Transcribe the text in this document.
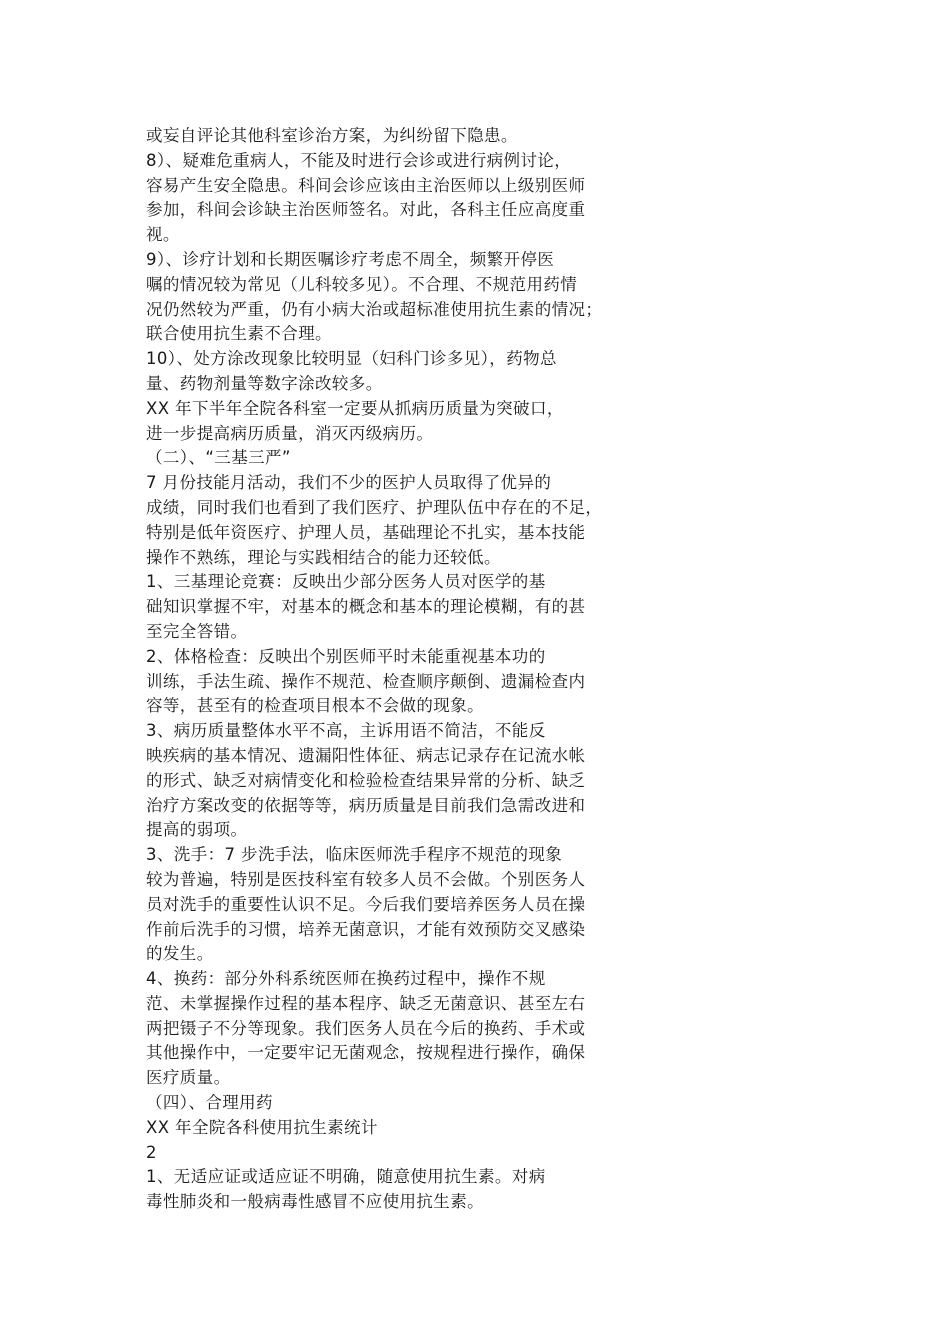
或妄自评论其他科室诊治方案，为纠纷留下隐患。
8）、疑难危重病人，不能及时进行会诊或进行病例讨论，
容易产生安全隐患。科间会诊应该由主治医师以上级别医师
参加，科间会诊缺主治医师签名。对此，各科主任应高度重
视。
9）、诊疗计划和长期医嘱诊疗考虑不周全，频繁开停医
嘱的情况较为常见（儿科较多见）。不合理、不规范用药情
况仍然较为严重，仍有小病大治或超标准使用抗生素的情况；
联合使用抗生素不合理。
10）、处方涂改现象比较明显（妇科门诊多见），药物总
量、药物剂量等数字涂改较多。
XX 年下半年全院各科室一定要从抓病历质量为突破口，
进一步提高病历质量，消灭丙级病历。
（二）、“三基三严”
7 月份技能月活动，我们不少的医护人员取得了优异的
成绩，同时我们也看到了我们医疗、护理队伍中存在的不足，
特别是低年资医疗、护理人员，基础理论不扎实，基本技能
操作不熟练，理论与实践相结合的能力还较低。
1、三基理论竞赛：反映出少部分医务人员对医学的基
础知识掌握不牢，对基本的概念和基本的理论模糊，有的甚
至完全答错。
2、体格检查：反映出个别医师平时未能重视基本功的
训练，手法生疏、操作不规范、检查顺序颠倒、遗漏检查内
容等，甚至有的检查项目根本不会做的现象。
3、病历质量整体水平不高，主诉用语不简洁，不能反
映疾病的基本情况、遗漏阳性体征、病志记录存在记流水帐
的形式、缺乏对病情变化和检验检查结果异常的分析、缺乏
治疗方案改变的依据等等，病历质量是目前我们急需改进和
提高的弱项。
3、洗手：7 步洗手法，临床医师洗手程序不规范的现象
较为普遍，特别是医技科室有较多人员不会做。个别医务人
员对洗手的重要性认识不足。今后我们要培养医务人员在操
作前后洗手的习惯，培养无菌意识，才能有效预防交叉感染
的发生。
4、换药：部分外科系统医师在换药过程中，操作不规
范、未掌握操作过程的基本程序、缺乏无菌意识、甚至左右
两把镊子不分等现象。我们医务人员在今后的换药、手术或
其他操作中，一定要牢记无菌观念，按规程进行操作，确保
医疗质量。
（四）、合理用药
XX 年全院各科使用抗生素统计
2
1、无适应证或适应证不明确，随意使用抗生素。对病
毒性肺炎和一般病毒性感冒不应使用抗生素。
